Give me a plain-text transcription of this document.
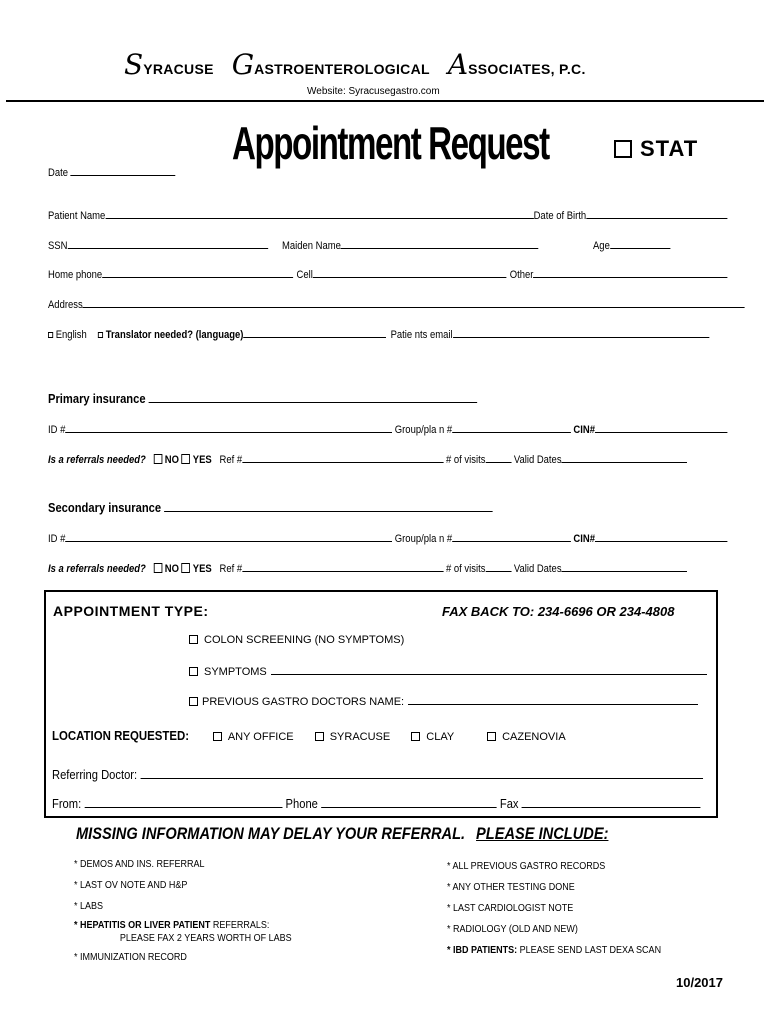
SYRACUSE GASTROENTEROLOGICAL ASSOCIATES, P.C.
Website: Syracusegastro.com
Appointment Request	STAT
Date
Patient Name	Date of Birth
SSN	Maiden Name	Age
Home phone	Cell	Other
Address
English Translator needed? (language)	Patie nts email
Primary insurance
ID #	Group/pla n #	CIN#
Is a referrals needed? NO YES Ref #	# of visits	Valid Dates
Secondary insurance
ID #	Group/pla n #	CIN#
Is a referrals needed? NO YES Ref #	# of visits	Valid Dates
APPOINTMENT TYPE:	FAX BACK TO: 234-6696 OR 234-4808
COLON SCREENING (NO SYMPTOMS)
SYMPTOMS
PREVIOUS GASTRO DOCTORS NAME:
LOCATION REQUESTED:	ANY OFFICE	SYRACUSE	CLAY	CAZENOVIA
Referring Doctor:
From:	Phone	Fax
MISSING INFORMATION MAY DELAY YOUR REFERRAL. PLEASE INCLUDE:
* DEMOS AND INS. REFERRAL
* LAST OV NOTE AND H&P
* LABS
* HEPATITIS OR LIVER PATIENT REFERRALS:
PLEASE FAX 2 YEARS WORTH OF LABS
* IMMUNIZATION RECORD
* ALL PREVIOUS GASTRO RECORDS
* ANY OTHER TESTING DONE
* LAST CARDIOLOGIST NOTE
* RADIOLOGY (OLD AND NEW)
* IBD PATIENTS: PLEASE SEND LAST DEXA SCAN
10/2017
